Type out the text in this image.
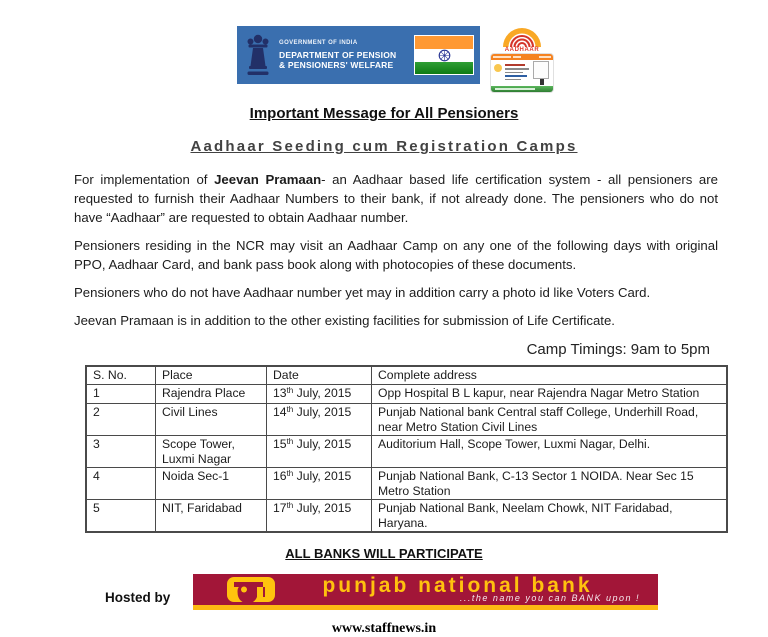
GOVERNMENT OF INDIA
DEPARTMENT OF PENSION
& PENSIONERS' WELFARE
AADHAAR
Important Message for All Pensioners
Aadhaar Seeding cum Registration Camps

For implementation of Jeevan Pramaan- an Aadhaar based life certification system - all pensioners are requested to furnish their Aadhaar Numbers to their bank, if not already done. The pensioners who do not have “Aadhaar” are requested to obtain Aadhaar number.

Pensioners residing in the NCR may visit an Aadhaar Camp on any one of the following days with original PPO, Aadhaar Card, and bank pass book along with photocopies of these documents.

Pensioners who do not have Aadhaar number yet may in addition carry a photo id like Voters Card.

Jeevan Pramaan is in addition to the other existing facilities for submission of Life Certificate.

Camp Timings: 9am to 5pm
S. No.	Place	Date	Complete address
1	Rajendra Place	13th July, 2015	Opp Hospital B L kapur, near Rajendra Nagar Metro Station
2	Civil Lines	14th July, 2015	Punjab National bank Central staff College, Underhill Road, near Metro Station Civil Lines
3	Scope Tower, Luxmi Nagar	15th July, 2015	Auditorium Hall, Scope Tower, Luxmi Nagar, Delhi.
4	Noida Sec-1	16th July, 2015	Punjab National Bank, C-13 Sector 1 NOIDA. Near Sec 15 Metro Station
5	NIT, Faridabad	17th July, 2015	Punjab National Bank, Neelam Chowk, NIT Faridabad, Haryana.
ALL BANKS WILL PARTICIPATE
Hosted by
punjab national bank
...the name you can BANK upon !
www.staffnews.in
